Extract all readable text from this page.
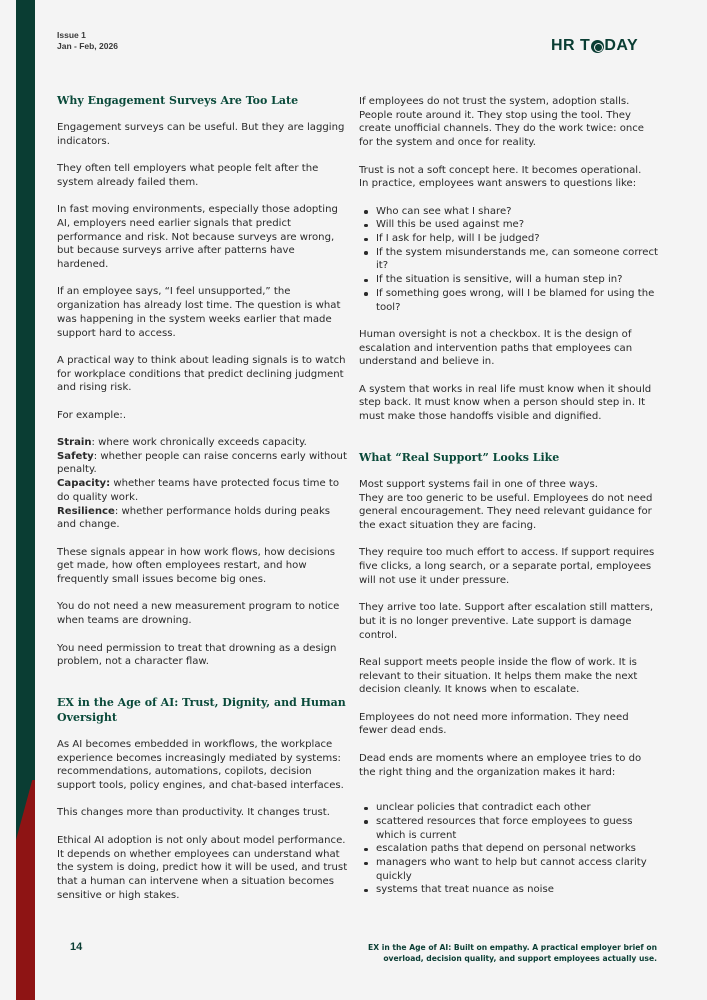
Issue 1
Jan - Feb, 2026	HR T DAY
Why Engagement Surveys Are Too Late

Engagement surveys can be useful. But they are lagging indicators.

They often tell employers what people felt after the system already failed them.

In fast moving environments, especially those adopting AI, employers need earlier signals that predict performance and risk. Not because surveys are wrong, but because surveys arrive after patterns have hardened.

If an employee says, “I feel unsupported,” the organization has already lost time. The question is what was happening in the system weeks earlier that made support hard to access.

A practical way to think about leading signals is to watch for workplace conditions that predict declining judgment and rising risk.

For example:.

Strain: where work chronically exceeds capacity.
Safety: whether people can raise concerns early without penalty.
Capacity: whether teams have protected focus time to do quality work.
Resilience: whether performance holds during peaks and change.

These signals appear in how work flows, how decisions get made, how often employees restart, and how frequently small issues become big ones.

You do not need a new measurement program to notice when teams are drowning.

You need permission to treat that drowning as a design problem, not a character flaw.

EX in the Age of AI: Trust, Dignity, and Human Oversight

As AI becomes embedded in workflows, the workplace experience becomes increasingly mediated by systems: recommendations, automations, copilots, decision support tools, policy engines, and chat-based interfaces.

This changes more than productivity. It changes trust.

Ethical AI adoption is not only about model performance. It depends on whether employees can understand what the system is doing, predict how it will be used, and trust that a human can intervene when a situation becomes sensitive or high stakes.

If employees do not trust the system, adoption stalls. People route around it. They stop using the tool. They create unofficial channels. They do the work twice: once for the system and once for reality.

Trust is not a soft concept here. It becomes operational.
In practice, employees want answers to questions like:
Who can see what I share?
Will this be used against me?
If I ask for help, will I be judged?
If the system misunderstands me, can someone correct it?
If the situation is sensitive, will a human step in?
If something goes wrong, will I be blamed for using the tool?

Human oversight is not a checkbox. It is the design of escalation and intervention paths that employees can understand and believe in.

A system that works in real life must know when it should step back. It must know when a person should step in. It must make those handoffs visible and dignified.

What “Real Support” Looks Like
Most support systems fail in one of three ways.
They are too generic to be useful. Employees do not need general encouragement. They need relevant guidance for the exact situation they are facing.

They require too much effort to access. If support requires five clicks, a long search, or a separate portal, employees will not use it under pressure.

They arrive too late. Support after escalation still matters, but it is no longer preventive. Late support is damage control.

Real support meets people inside the flow of work. It is relevant to their situation. It helps them make the next decision cleanly. It knows when to escalate.

Employees do not need more information. They need fewer dead ends.

Dead ends are moments where an employee tries to do the right thing and the organization makes it hard:

unclear policies that contradict each other
scattered resources that force employees to guess which is current
escalation paths that depend on personal networks
managers who want to help but cannot access clarity quickly
systems that treat nuance as noise
14	EX in the Age of AI: Built on empathy. A practical employer brief on overload, decision quality, and support employees actually use.
